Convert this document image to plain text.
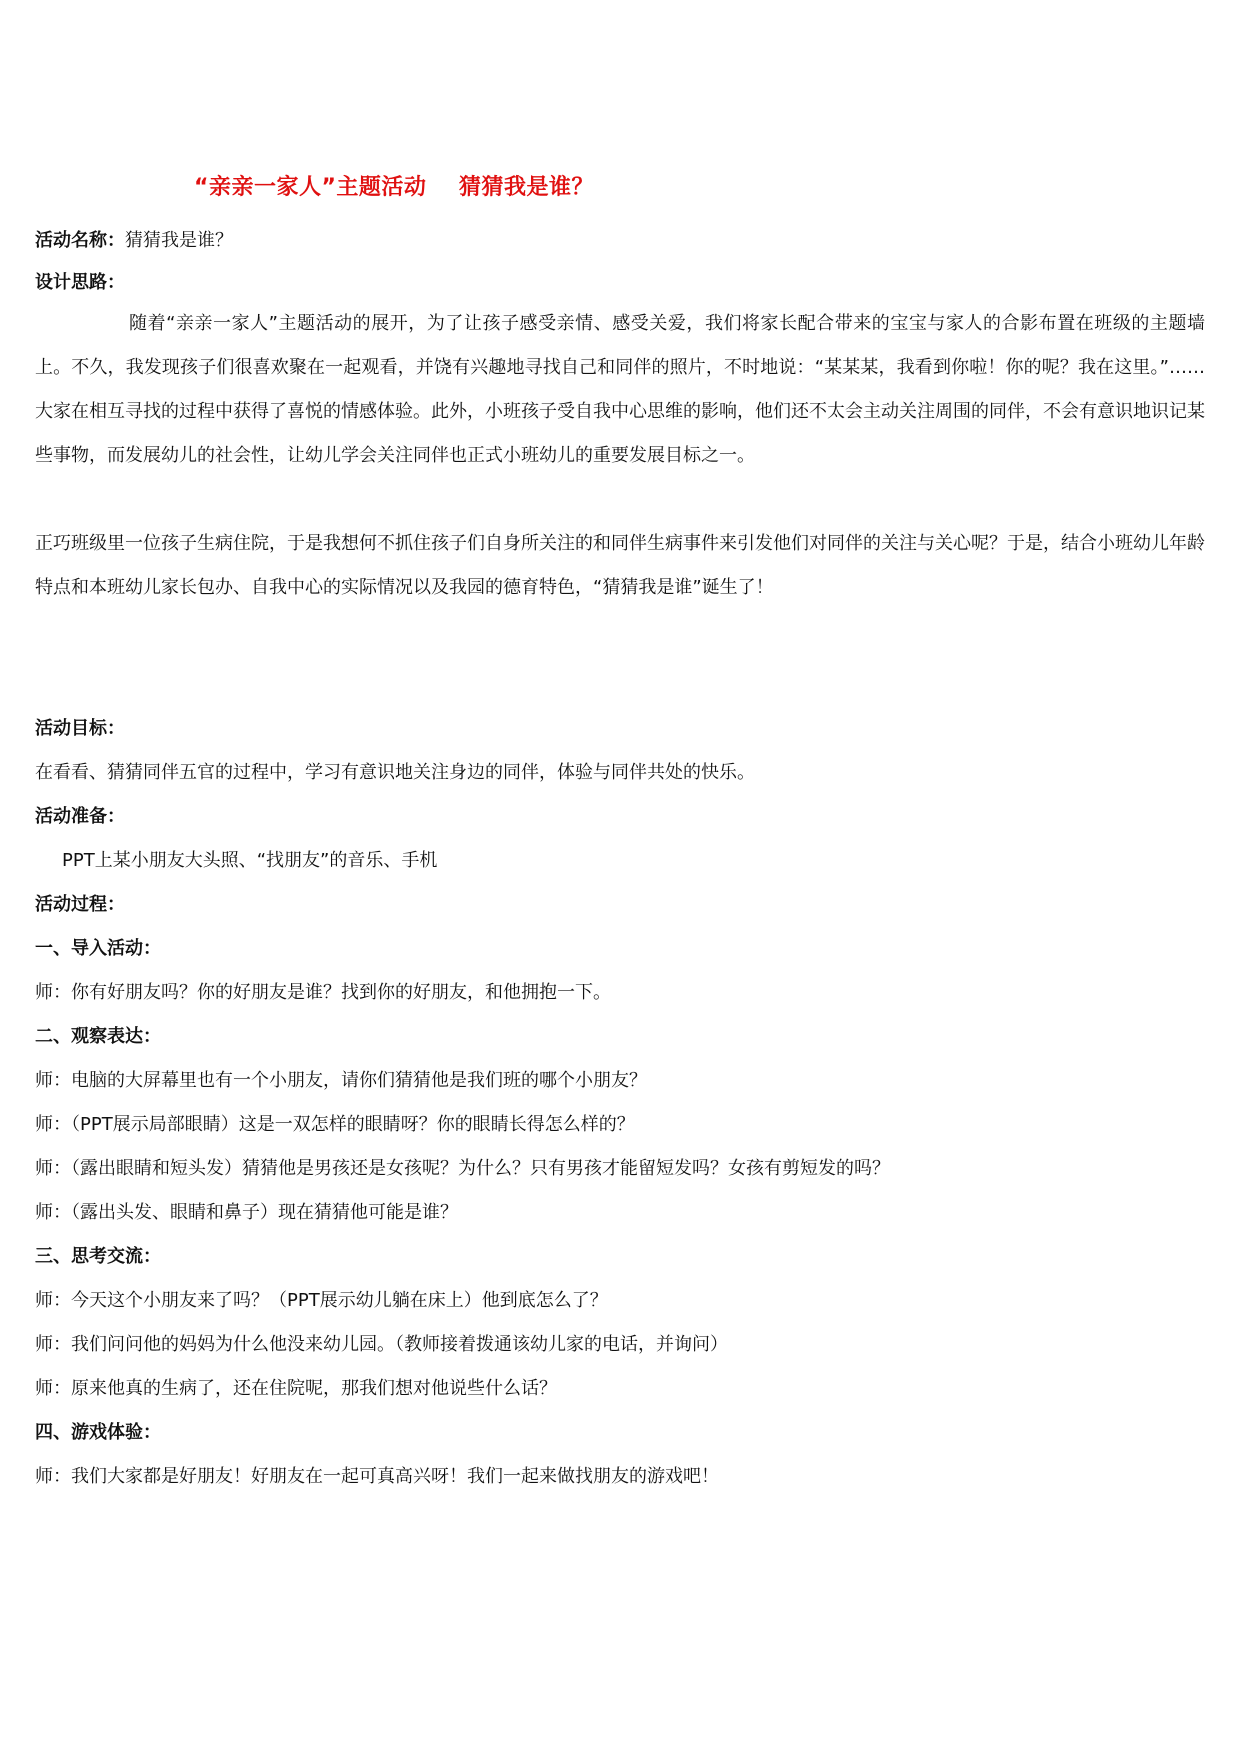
“亲亲一家人”主题活动    猜猜我是谁？
活动名称：猜猜我是谁？
设计思路：
随着“亲亲一家人”主题活动的展开，为了让孩子感受亲情、感受关爱，我们将家长配合带来的宝宝与家人的合影布置在班级的主题墙上。不久，我发现孩子们很喜欢聚在一起观看，并饶有兴趣地寻找自己和同伴的照片，不时地说：“某某某，我看到你啦！你的呢？我在这里。”……大家在相互寻找的过程中获得了喜悦的情感体验。此外，小班孩子受自我中心思维的影响，他们还不太会主动关注周围的同伴，不会有意识地识记某些事物，而发展幼儿的社会性，让幼儿学会关注同伴也正式小班幼儿的重要发展目标之一。
正巧班级里一位孩子生病住院，于是我想何不抓住孩子们自身所关注的和同伴生病事件来引发他们对同伴的关注与关心呢？于是，结合小班幼儿年龄特点和本班幼儿家长包办、自我中心的实际情况以及我园的德育特色，“猜猜我是谁”诞生了！
活动目标：
在看看、猜猜同伴五官的过程中，学习有意识地关注身边的同伴，体验与同伴共处的快乐。
活动准备：
PPT上某小朋友大头照、“找朋友”的音乐、手机
活动过程：
一、导入活动：
师：你有好朋友吗？你的好朋友是谁？找到你的好朋友，和他拥抱一下。
二、观察表达：
师：电脑的大屏幕里也有一个小朋友，请你们猜猜他是我们班的哪个小朋友？
师：（PPT展示局部眼睛）这是一双怎样的眼睛呀？你的眼睛长得怎么样的？
师：（露出眼睛和短头发）猜猜他是男孩还是女孩呢？为什么？只有男孩才能留短发吗？女孩有剪短发的吗？
师：（露出头发、眼睛和鼻子）现在猜猜他可能是谁？
三、思考交流：
师：今天这个小朋友来了吗？（PPT展示幼儿躺在床上）他到底怎么了？
师：我们问问他的妈妈为什么他没来幼儿园。（教师接着拨通该幼儿家的电话，并询问）
师：原来他真的生病了，还在住院呢，那我们想对他说些什么话？
四、游戏体验：
师：我们大家都是好朋友！好朋友在一起可真高兴呀！我们一起来做找朋友的游戏吧！
